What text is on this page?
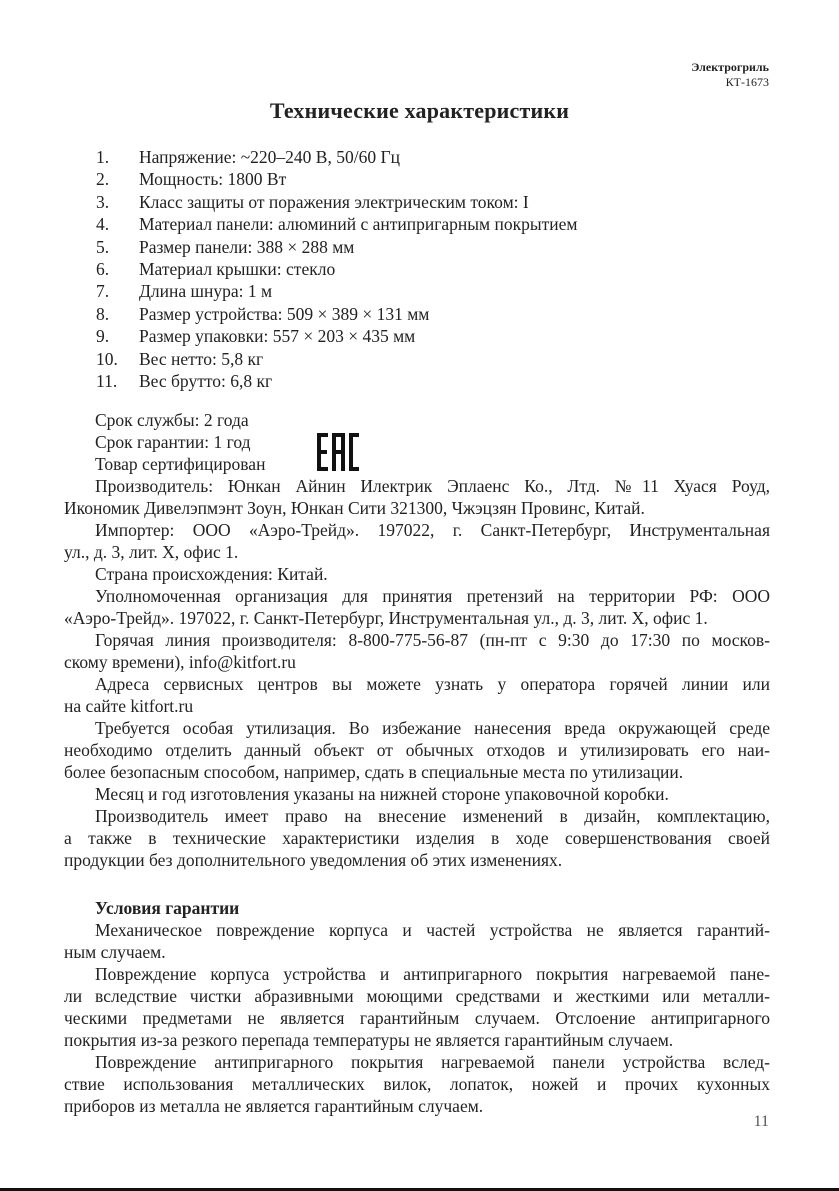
Электрогриль
КТ-1673
Технические характеристики
1.	Напряжение: ~220–240 В, 50/60 Гц
2.	Мощность: 1800 Вт
3.	Класс защиты от поражения электрическим током: I
4.	Материал панели: алюминий с антипригарным покрытием
5.	Размер панели: 388 × 288 мм
6.	Материал крышки: стекло
7.	Длина шнура: 1 м
8.	Размер устройства: 509 × 389 × 131 мм
9.	Размер упаковки: 557 × 203 × 435 мм
10.	Вес нетто: 5,8 кг
11.	Вес брутто: 6,8 кг
Срок службы: 2 года
Срок гарантии: 1 год
Товар сертифицирован
Производитель: Юнкан Айнин Илектрик Эплаенс Ко., Лтд. №11 Хуася Роуд,
Икономик Дивелэпмэнт Зоун, Юнкан Сити 321300, Чжэцзян Провинс, Китай.
Импортер: ООО «Аэро-Трейд». 197022, г. Санкт-Петербург, Инструментальная
ул., д. 3, лит. Х, офис 1.
Страна происхождения: Китай.
Уполномоченная организация для принятия претензий на территории РФ: ООО
«Аэро-Трейд». 197022, г. Санкт-Петербург, Инструментальная ул., д. 3, лит. Х, офис 1.
Горячая линия производителя: 8-800-775-56-87 (пн-пт с 9:30 до 17:30 по москов-
скому времени), info@kitfort.ru
Адреса сервисных центров вы можете узнать у оператора горячей линии или
на сайте kitfort.ru
Требуется особая утилизация. Во избежание нанесения вреда окружающей среде
необходимо отделить данный объект от обычных отходов и утилизировать его наи-
более безопасным способом, например, сдать в специальные места по утилизации.
Месяц и год изготовления указаны на нижней стороне упаковочной коробки.
Производитель имеет право на внесение изменений в дизайн, комплектацию,
а также в технические характеристики изделия в ходе совершенствования своей
продукции без дополнительного уведомления об этих изменениях.
Условия гарантии
Механическое повреждение корпуса и частей устройства не является гарантий-
ным случаем.
Повреждение корпуса устройства и антипригарного покрытия нагреваемой пане-
ли вследствие чистки абразивными моющими средствами и жесткими или металли-
ческими предметами не является гарантийным случаем. Отслоение антипригарного
покрытия из-за резкого перепада температуры не является гарантийным случаем.
Повреждение антипригарного покрытия нагреваемой панели устройства вслед-
ствие использования металлических вилок, лопаток, ножей и прочих кухонных
приборов из металла не является гарантийным случаем.
11
